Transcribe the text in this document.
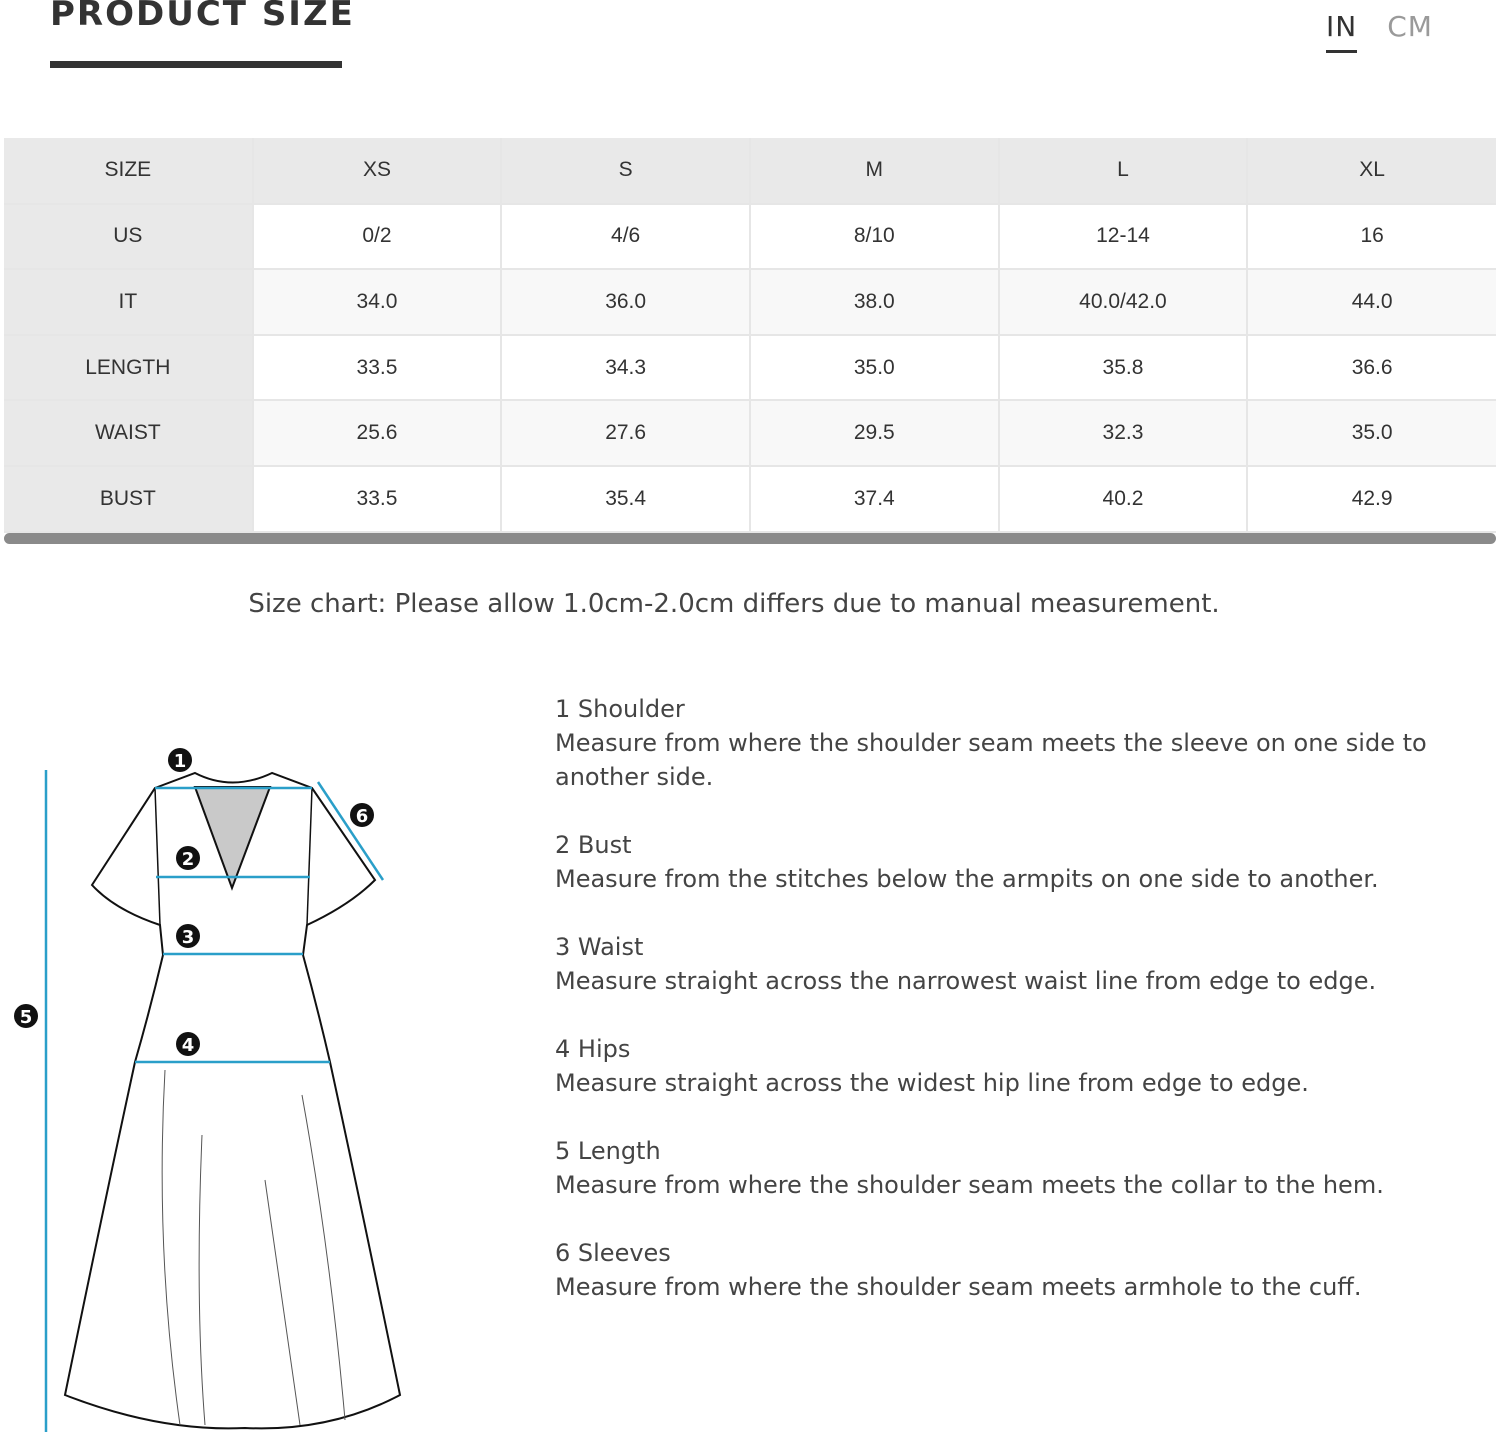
PRODUCT SIZE	IN CM
SIZE	XS	S	M	L	XL
US	0/2	4/6	8/10	12-14	16
IT	34.0	36.0	38.0	40.0/42.0	44.0
LENGTH	33.5	34.3	35.0	35.8	36.6
WAIST	25.6	27.6	29.5	32.3	35.0
BUST	33.5	35.4	37.4	40.2	42.9
Size chart: Please allow 1.0cm-2.0cm differs due to manual measurement.
1
2
3
4
5
6
1 Shoulder
Measure from where the shoulder seam meets the sleeve on one side to another side.
2 Bust
Measure from the stitches below the armpits on one side to another.
3 Waist
Measure straight across the narrowest waist line from edge to edge.
4 Hips
Measure straight across the widest hip line from edge to edge.
5 Length
Measure from where the shoulder seam meets the collar to the hem.
6 Sleeves
Measure from where the shoulder seam meets armhole to the cuff.
